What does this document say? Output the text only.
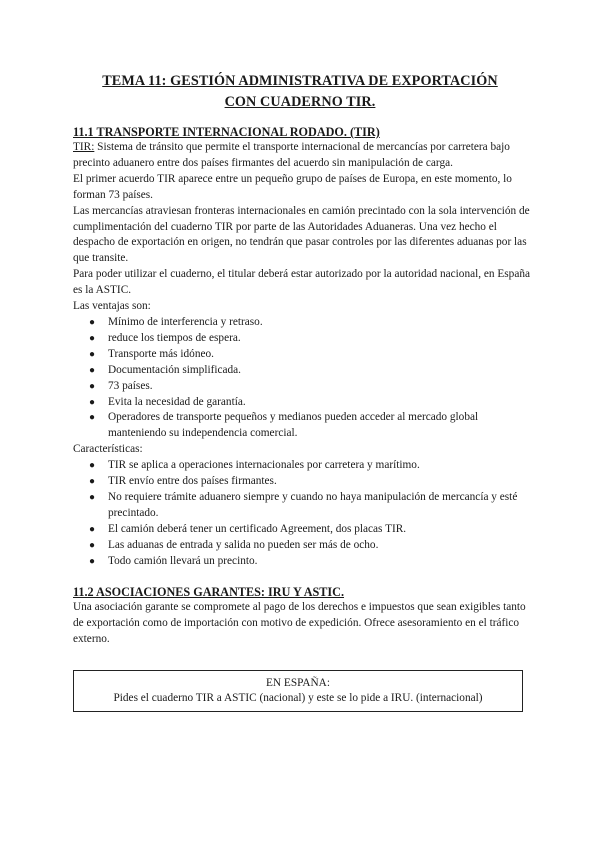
TEMA 11: GESTIÓN ADMINISTRATIVA DE EXPORTACIÓN
CON CUADERNO TIR.
11.1 TRANSPORTE INTERNACIONAL RODADO. (TIR)

TIR: Sistema de tránsito que permite el transporte internacional de mercancías por carretera bajo precinto aduanero entre dos países firmantes del acuerdo sin manipulación de carga.

El primer acuerdo TIR aparece entre un pequeño grupo de países de Europa, en este momento, lo forman 73 países.

Las mercancías atraviesan fronteras internacionales en camión precintado con la sola intervención de cumplimentación del cuaderno TIR por parte de las Autoridades Aduaneras. Una vez hecho el despacho de exportación en origen, no tendrán que pasar controles por las diferentes aduanas por las que transite.

Para poder utilizar el cuaderno, el titular deberá estar autorizado por la autoridad nacional, en España es la ASTIC.

Las ventajas son:

● Mínimo de interferencia y retraso.
● reduce los tiempos de espera.
● Transporte más idóneo.
● Documentación simplificada.
● 73 países.
● Evita la necesidad de garantía.
● Operadores de transporte pequeños y medianos pueden acceder al mercado global manteniendo su independencia comercial.

Características:

● TIR se aplica a operaciones internacionales por carretera y marítimo.
● TIR envío entre dos países firmantes.
● No requiere trámite aduanero siempre y cuando no haya manipulación de mercancía y esté precintado.
● El camión deberá tener un certificado Agreement, dos placas TIR.
● Las aduanas de entrada y salida no pueden ser más de ocho.
● Todo camión llevará un precinto.
11.2 ASOCIACIONES GARANTES: IRU Y ASTIC.

Una asociación garante se compromete al pago de los derechos e impuestos que sean exigibles tanto de exportación como de importación con motivo de expedición. Ofrece asesoramiento en el tráfico externo.

EN ESPAÑA:
Pides el cuaderno TIR a ASTIC (nacional) y este se lo pide a IRU. (internacional)
